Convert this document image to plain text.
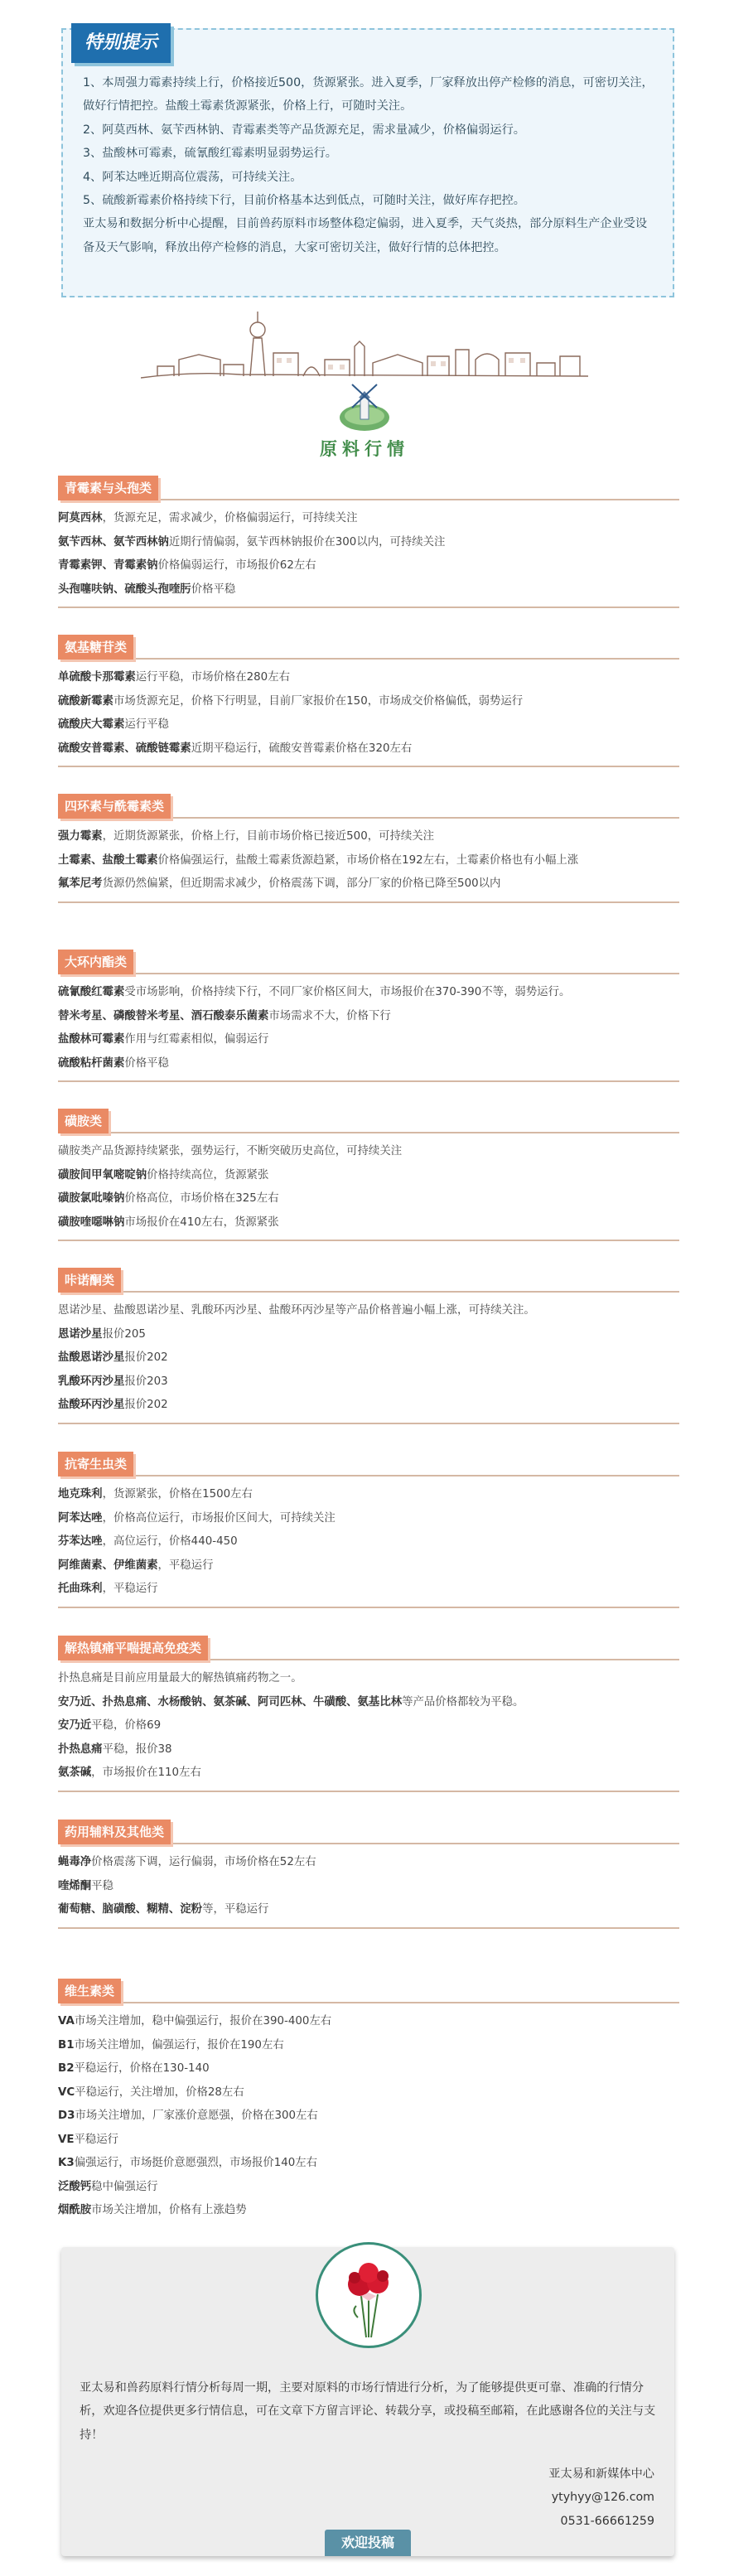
特别提示

1、本周强力霉素持续上行，价格接近500，货源紧张。进入夏季，厂家释放出停产检修的消息，可密切关注，做好行情把控。盐酸土霉素货源紧张，价格上行，可随时关注。

2、阿莫西林、氨苄西林钠、青霉素类等产品货源充足，需求量减少，价格偏弱运行。

3、盐酸林可霉素，硫氰酸红霉素明显弱势运行。

4、阿苯达唑近期高位震荡，可持续关注。

5、硫酸新霉素价格持续下行，目前价格基本达到低点，可随时关注，做好库存把控。

亚太易和数据分析中心提醒，目前兽药原料市场整体稳定偏弱，进入夏季，天气炎热，部分原料生产企业受设备及天气影响，释放出停产检修的消息，大家可密切关注，做好行情的总体把控。

原料行情
青霉素与头孢类

阿莫西林，货源充足，需求减少，价格偏弱运行，可持续关注

氨苄西林、氨苄西林钠近期行情偏弱，氨苄西林钠报价在300以内，可持续关注

青霉素钾、青霉素钠价格偏弱运行，市场报价62左右

头孢噻呋钠、硫酸头孢喹肟价格平稳

氨基糖苷类

单硫酸卡那霉素运行平稳，市场价格在280左右

硫酸新霉素市场货源充足，价格下行明显，目前厂家报价在150，市场成交价格偏低，弱势运行

硫酸庆大霉素运行平稳

硫酸安普霉素、硫酸链霉素近期平稳运行，硫酸安普霉素价格在320左右

四环素与酰霉素类

强力霉素，近期货源紧张，价格上行，目前市场价格已接近500，可持续关注

土霉素、盐酸土霉素价格偏强运行，盐酸土霉素货源趋紧，市场价格在192左右，土霉素价格也有小幅上涨

氟苯尼考货源仍然偏紧，但近期需求减少，价格震荡下调，部分厂家的价格已降至500以内

大环内酯类

硫氰酸红霉素受市场影响，价格持续下行，不同厂家价格区间大，市场报价在370-390不等，弱势运行。

替米考星、磷酸替米考星、酒石酸泰乐菌素市场需求不大，价格下行

盐酸林可霉素作用与红霉素相似，偏弱运行

硫酸粘杆菌素价格平稳

磺胺类

磺胺类产品货源持续紧张，强势运行，不断突破历史高位，可持续关注

磺胺间甲氧嘧啶钠价格持续高位，货源紧张

磺胺氯吡嗪钠价格高位，市场价格在325左右

磺胺喹噁啉钠市场报价在410左右，货源紧张

咔诺酮类

恩诺沙星、盐酸恩诺沙星、乳酸环丙沙星、盐酸环丙沙星等产品价格普遍小幅上涨，可持续关注。

恩诺沙星报价205

盐酸恩诺沙星报价202

乳酸环丙沙星报价203

盐酸环丙沙星报价202

抗寄生虫类

地克珠利，货源紧张，价格在1500左右

阿苯达唑，价格高位运行，市场报价区间大，可持续关注

芬苯达唑，高位运行，价格440-450

阿维菌素、伊维菌素，平稳运行

托曲珠利，平稳运行

解热镇痛平喘提高免疫类

扑热息痛是目前应用量最大的解热镇痛药物之一。

安乃近、扑热息痛、水杨酸钠、氨茶碱、阿司匹林、牛磺酸、氨基比林等产品价格都较为平稳。

安乃近平稳，价格69

扑热息痛平稳，报价38

氨茶碱，市场报价在110左右

药用辅料及其他类

蝇毒净价格震荡下调，运行偏弱，市场价格在52左右

喹烯酮平稳

葡萄糖、脑磺酸、糊精、淀粉等，平稳运行

维生素类

VA市场关注增加，稳中偏强运行，报价在390-400左右

B1市场关注增加，偏强运行，报价在190左右

B2平稳运行，价格在130-140

VC平稳运行，关注增加，价格28左右

D3市场关注增加，厂家涨价意愿强，价格在300左右

VE平稳运行

K3偏强运行，市场挺价意愿强烈，市场报价140左右

泛酸钙稳中偏强运行

烟酰胺市场关注增加，价格有上涨趋势

亚太易和兽药原料行情分析每周一期，主要对原料的市场行情进行分析，为了能够提供更可靠、准确的行情分析，欢迎各位提供更多行情信息，可在文章下方留言评论、转载分享，或投稿至邮箱，在此感谢各位的关注与支持！
亚太易和新媒体中心
ytyhyy@126.com
0531-66661259
欢迎投稿
